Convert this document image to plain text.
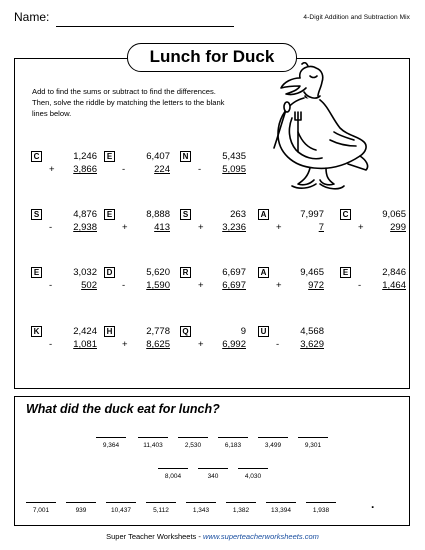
Name:	4-Digit Addition and Subtraction Mix
Lunch for Duck
Add to find the sums or subtract to find the differences. Then, solve the riddle by matching the letters to the blank lines below.
C	1,246
+ 3,866
E	6,407
-	224
N	5,435
- 5,095
S	4,876
- 2,938
E	8,888
+	413
S	263
+ 3,236
A	7,997
+	7
C	9,065
+	299
E	3,032
-	502
D	5,620
- 1,590
R	6,697
+ 6,697
A	9,465
+	972
E	2,846
- 1,464
K	2,424
- 1,081
H	2,778
+ 8,625
Q	9
+ 6,992
U	4,568
- 3,629
What did the duck eat for lunch?
9,364	11,403	2,530	6,183	3,499	9,301
8,004	340	4,030
7,001	939	10,437	5,112	1,343	1,382	13,394	1,938	.
Super Teacher Worksheets - www.superteacherworksheets.com
